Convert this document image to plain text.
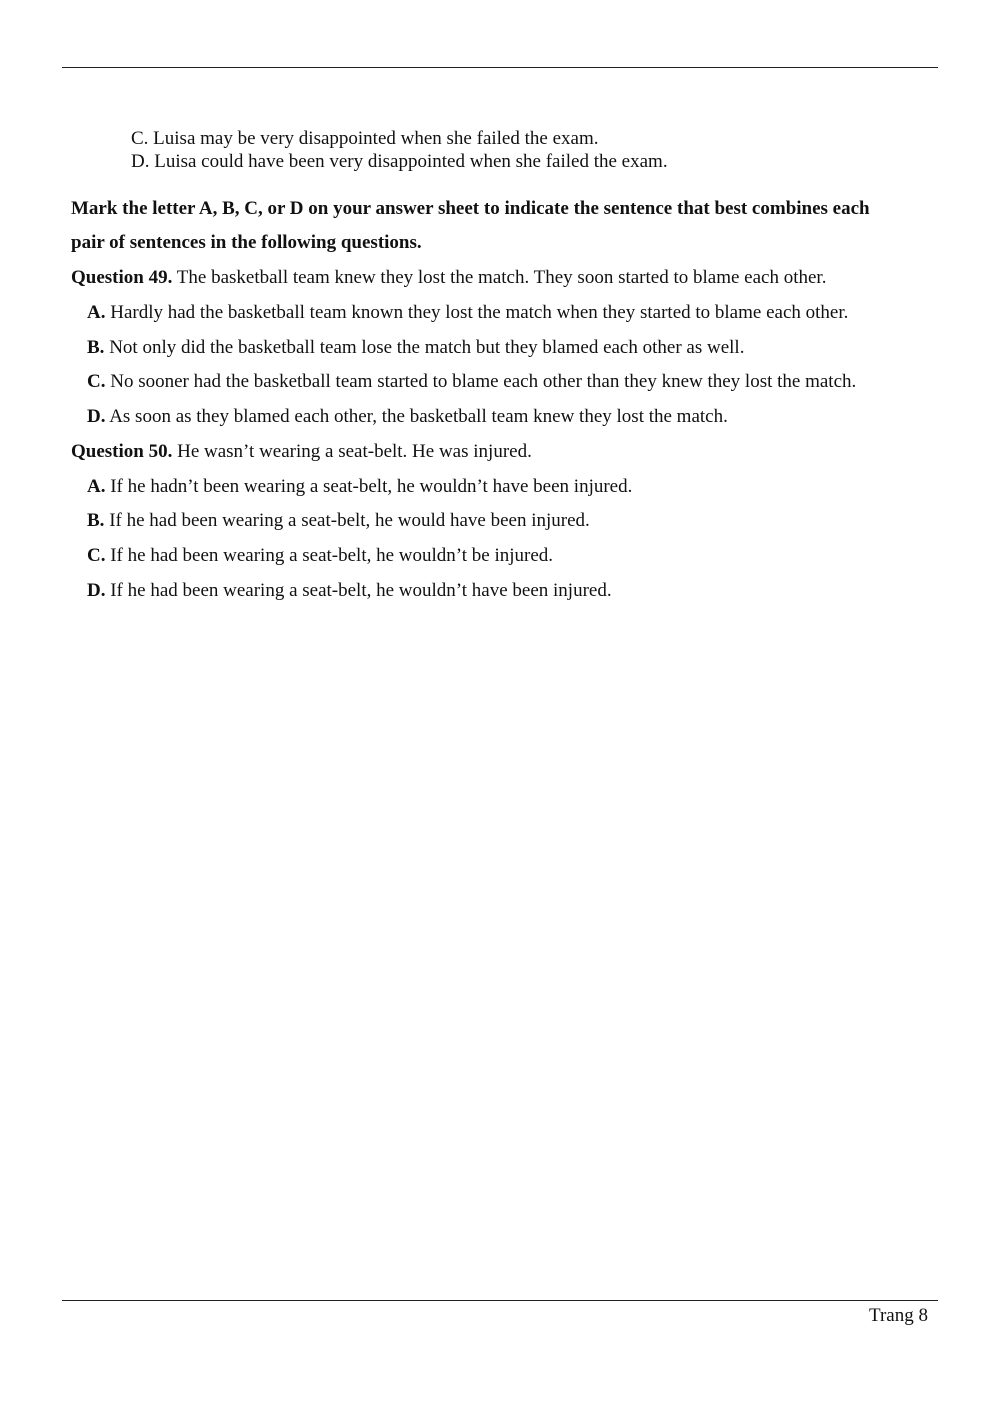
C. Luisa may be very disappointed when she failed the exam.
D. Luisa could have been very disappointed when she failed the exam.
Mark the letter A, B, C, or D on your answer sheet to indicate the sentence that best combines each
pair of sentences in the following questions.
Question 49. The basketball team knew they lost the match. They soon started to blame each other.
A. Hardly had the basketball team known they lost the match when they started to blame each other.
B. Not only did the basketball team lose the match but they blamed each other as well.
C. No sooner had the basketball team started to blame each other than they knew they lost the match.
D. As soon as they blamed each other, the basketball team knew they lost the match.
Question 50. He wasn’t wearing a seat-belt. He was injured.
A. If he hadn’t been wearing a seat-belt, he wouldn’t have been injured.
B. If he had been wearing a seat-belt, he would have been injured.
C. If he had been wearing a seat-belt, he wouldn’t be injured.
D. If he had been wearing a seat-belt, he wouldn’t have been injured.
Trang 8
